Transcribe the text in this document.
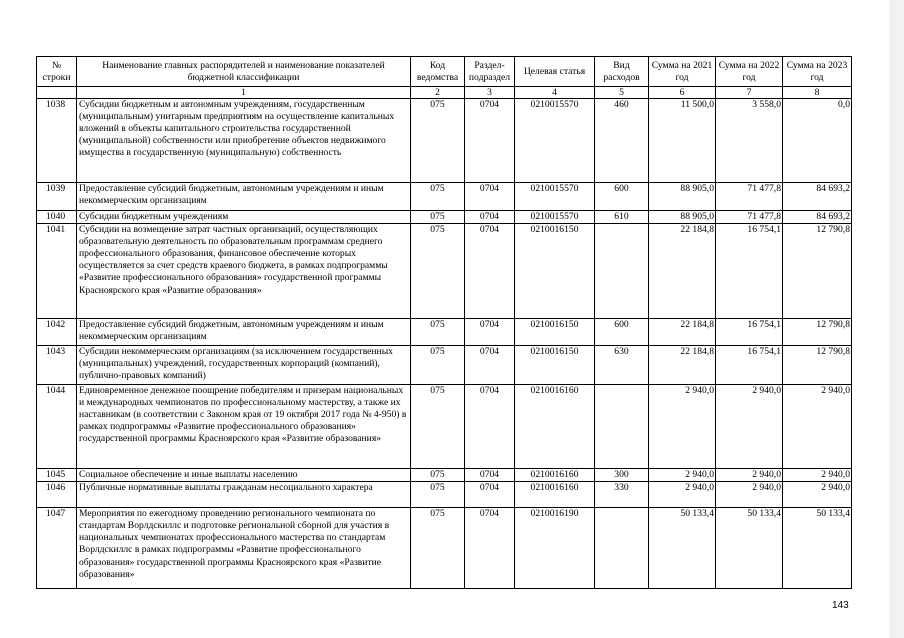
№ строки	Наименование главных распорядителей и наименование показателей бюджетной классификации	Код ведомства	Раздел-подраздел	Целевая статья	Вид расходов	Сумма на 2021 год	Сумма на 2022 год	Сумма на 2023 год
	1	2	3	4	5	6	7	8
1038	Субсидии бюджетным и автономным учреждениям, государственным (муниципальным) унитарным предприятиям на осуществление капитальных вложений в объекты капитального строительства государственной (муниципальной) собственности или приобретение объектов недвижимого имущества в государственную (муниципальную) собственность	075	0704	0210015570	460	11 500,0	3 558,0	0,0
1039	Предоставление субсидий бюджетным, автономным учреждениям и иным некоммерческим организациям	075	0704	0210015570	600	88 905,0	71 477,8	84 693,2
1040	Субсидии бюджетным учреждениям	075	0704	0210015570	610	88 905,0	71 477,8	84 693,2
1041	Субсидии на возмещение затрат частных организаций, осуществляющих образовательную деятельность по образовательным программам среднего профессионального образования, финансовое обеспечение которых осуществляется за счет средств краевого бюджета, в рамках подпрограммы «Развитие профессионального образования» государственной программы Красноярского края «Развитие образования»	075	0704	0210016150		22 184,8	16 754,1	12 790,8
1042	Предоставление субсидий бюджетным, автономным учреждениям и иным некоммерческим организациям	075	0704	0210016150	600	22 184,8	16 754,1	12 790,8
1043	Субсидии некоммерческим организациям (за исключением государственных (муниципальных) учреждений, государственных корпораций (компаний), публично-правовых компаний)	075	0704	0210016150	630	22 184,8	16 754,1	12 790,8
1044	Единовременное денежное поощрение победителям и призерам национальных и международных чемпионатов по профессиональному мастерству, а также их наставникам (в соответствии с Законом края от 19 октября 2017 года № 4-950) в рамках подпрограммы «Развитие профессионального образования» государственной программы Красноярского края «Развитие образования»	075	0704	0210016160		2 940,0	2 940,0	2 940,0
1045	Социальное обеспечение и иные выплаты населению	075	0704	0210016160	300	2 940,0	2 940,0	2 940,0
1046	Публичные нормативные выплаты гражданам несоциального характера	075	0704	0210016160	330	2 940,0	2 940,0	2 940,0
1047	Мероприятия по ежегодному проведению регионального чемпионата по стандартам Ворлдскиллс и подготовке региональной сборной для участия в национальных чемпионатах профессионального мастерства по стандартам Ворлдскиллс в рамках подпрограммы «Развитие профессионального образования» государственной программы Красноярского края «Развитие образования»	075	0704	0210016190		50 133,4	50 133,4	50 133,4
143
